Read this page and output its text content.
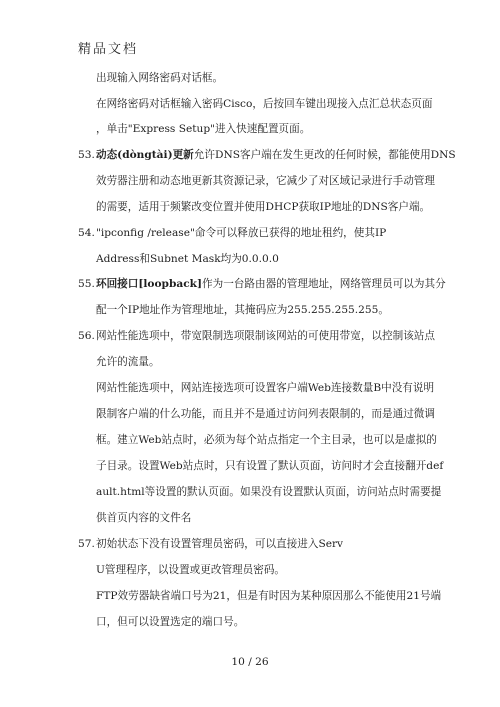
精品文档
出现输入网络密码对话框。
在网络密码对话框输入密码Cisco，后按回车键出现接入点汇总状态页面
，单击"Express Setup"进入快速配置页面。
53. 动态(dòngtài)更新允许DNS客户端在发生更改的任何时候，都能使用DNS
效劳器注册和动态地更新其资源记录，它减少了对区域记录进行手动管理
的需要，适用于频繁改变位置并使用DHCP获取IP地址的DNS客户端。
54. "ipconfig /release"命令可以释放已获得的地址租约，使其IP
Address和Subnet Mask均为0.0.0.0
55. 环回接口[loopback]作为一台路由器的管理地址，网络管理员可以为其分
配一个IP地址作为管理地址，其掩码应为255.255.255.255。
56. 网站性能选项中，带宽限制选项限制该网站的可使用带宽，以控制该站点
允许的流量。
网站性能选项中，网站连接选项可设置客户端Web连接数量B中没有说明
限制客户端的什么功能，而且并不是通过访问列表限制的，而是通过微调
框。建立Web站点时，必须为每个站点指定一个主目录，也可以是虚拟的
子目录。设置Web站点时，只有设置了默认页面，访问时才会直接翻开def
ault.html等设置的默认页面。如果没有设置默认页面，访问站点时需要提
供首页内容的文件名
57. 初始状态下没有设置管理员密码，可以直接进入Serv
U管理程序，以设置或更改管理员密码。
FTP效劳器缺省端口号为21，但是有时因为某种原因那么不能使用21号端
口，但可以设置选定的端口号。
10 / 26
